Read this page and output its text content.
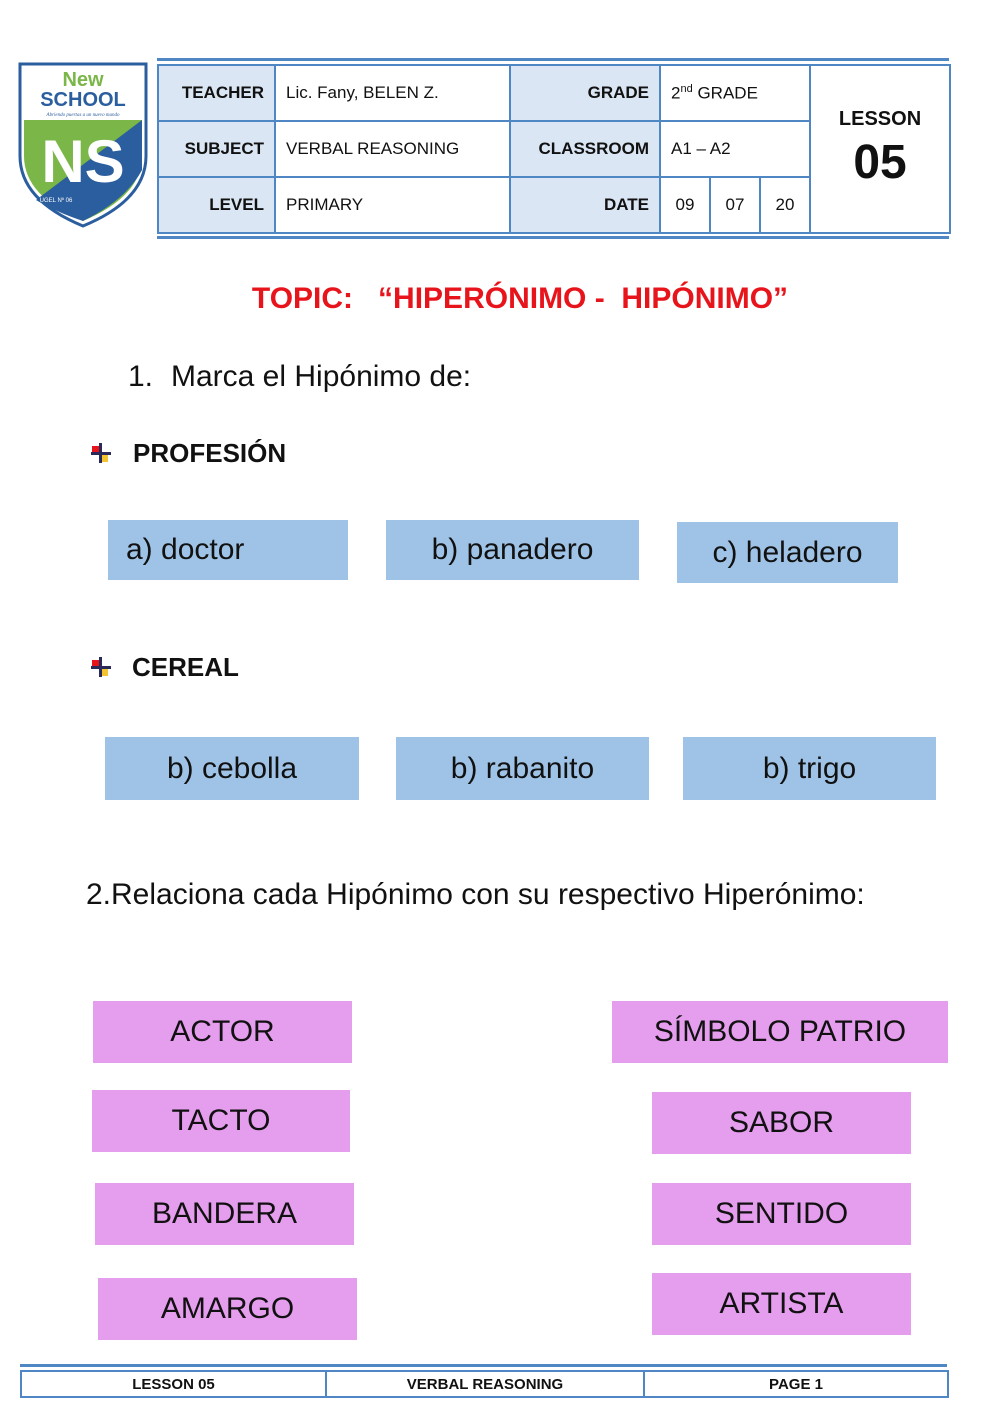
New
SCHOOL
Abriendo puertas a un nuevo mundo
NS
UGEL Nº 06
TEACHER	Lic. Fany, BELEN Z.	GRADE	2nd GRADE			LESSON
05

SUBJECT	VERBAL REASONING	CLASSROOM	A1 – A2			
LEVEL	PRIMARY	DATE	09	07	20	
TOPIC:   “HIPERÓNIMO -  HIPÓNIMO”
1. Marca el Hipónimo de:
PROFESIÓN
a) doctor	b) panadero	c) heladero
CEREAL
b) cebolla	b) rabanito	b) trigo
2.Relaciona cada Hipónimo con su respectivo Hiperónimo:
ACTOR
TACTO
BANDERA
AMARGO
SÍMBOLO PATRIO
SABOR
SENTIDO
ARTISTA
LESSON 05	VERBAL REASONING	PAGE 1
